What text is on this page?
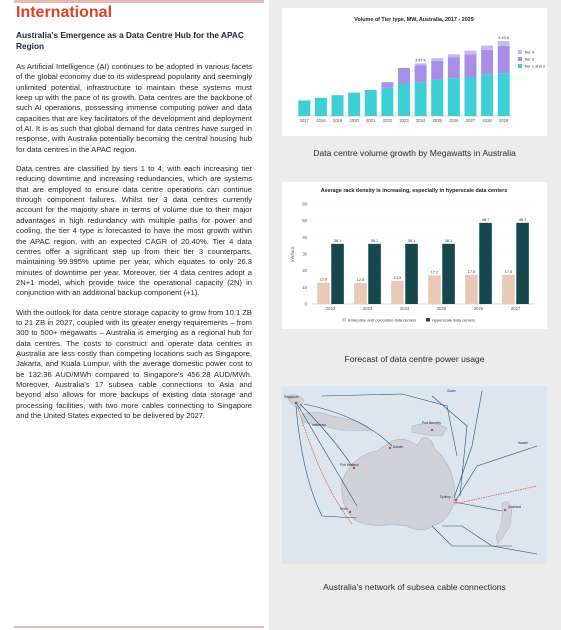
International
Australia's Emergence as a Data Centre Hub for the APAC Region

As Artificial Intelligence (AI) continues to be adopted in various facets of the global economy due to its widespread popularity and seemingly unlimited potential, infrastructure to maintain these systems must keep up with the pace of its growth. Data centres are the backbone of such AI operations, possessing immense computing power and data capacities that are key facilitators of the development and deployment of AI. It is as such that global demand for data centres have surged in response, with Australia potentially becoming the central housing hub for data centres in the APAC region.

Data centres are classified by tiers 1 to 4, with each increasing tier reducing downtime and increasing redundancies, which are systems that are employed to ensure data centre operations can continue through component failures. Whilst tier 3 data centres currently account for the majority share in terms of volume due to their major advantages in high redundancy with multiple paths for power and cooling, the tier 4 type is forecasted to have the most growth within the APAC region, with an expected CAGR of 20.40%. Tier 4 data centres offer a significant step up from their tier 3 counterparts, maintaining 99.995% uptime per year, which equates to only 26.3 minutes of downtime per year. Moreover, tier 4 data centres adopt a 2N+1 model, which provide twice the operational capacity (2N) in conjunction with an additional backup component (+1).

With the outlook for data centre storage capacity to grow from 10.1 ZB to 21 ZB in 2027, coupled with its greater energy requirements – from 300 to 500+ megawatts – Australia is emerging as a regional hub for data centres. The costs to construct and operate data centres in Australia are less costly than competing locations such as Singapore, Jakarta, and Kuala Lumpur, with the average domestic power cost to be 132.36 AUD/MWh compared to Singapore's 456.28 AUD/MWh. Moreover, Australia's 17 subsea cable connections to Asia and beyond also allows for more backups of existing data storage and processing facilities, with two more cables connecting to Singapore and the United States expected to be delivered by 2027.

Volume of Tier type, MW, Australia, 2017 - 2029
2017 2018 2019 2020 2021 2022 2023 2024
3.67 K
2025 2026 2027 2028 2029
5.19 K
Tier 4
Tier 3
Tier 1 and 2
Data centre volume growth by Megawatts in Australia
Average rack density is increasing, especially in hyperscale data centers
0
10
20
30
40
50
60
kW/rack
12.8
36.1
2022
12.5
36.1
2023
13.9
36.1
2024
17.2
36.1
2025
17.5
48.7
2026
17.5
48.7
2027
Enterprise and colocation data centers	Hyperscale data centers
Forecast of data centre power usage
Singapore
Indonesia
Darwin
Port Hedland
Perth
Port Moresby
Sydney
Guam
Hawaii
Auckland
Australia's network of subsea cable connections
